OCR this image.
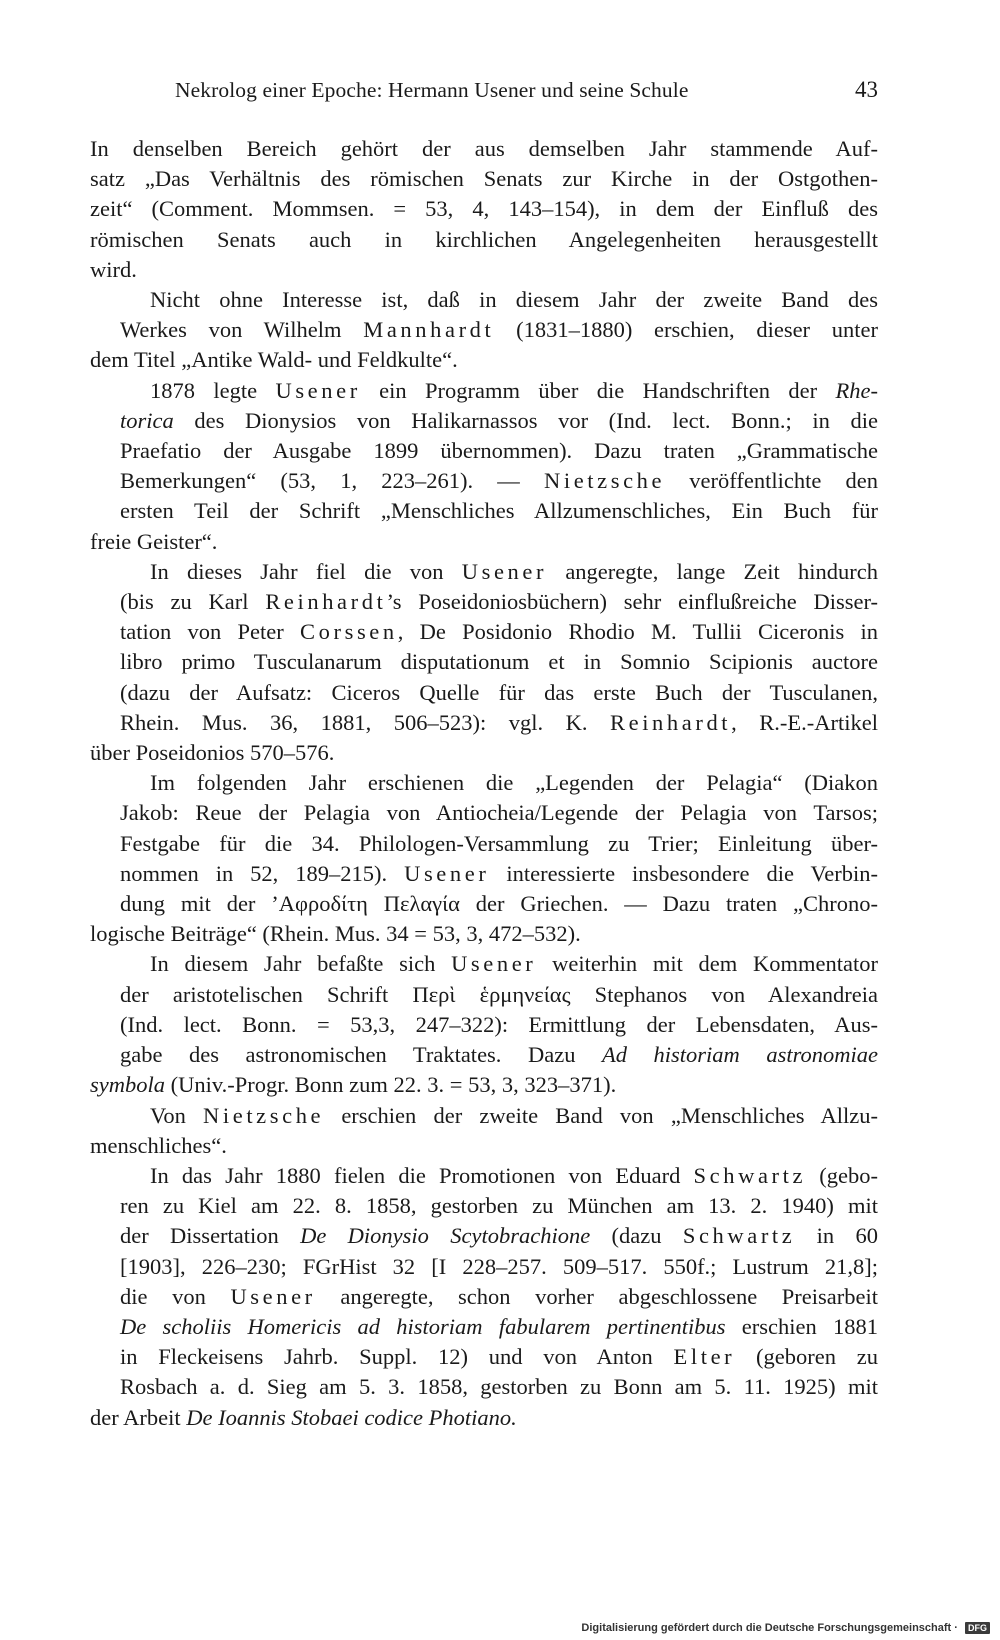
Nekrolog einer Epoche: Hermann Usener und seine Schule	43

In denselben Bereich gehört der aus demselben Jahr stammende Auf-
satz „Das Verhältnis des römischen Senats zur Kirche in der Ostgothen-
zeit“ (Comment. Mommsen. = 53, 4, 143–154), in dem der Einfluß des
römischen Senats auch in kirchlichen Angelegenheiten herausgestellt
wird.

Nicht ohne Interesse ist, daß in diesem Jahr der zweite Band des
Werkes von Wilhelm Mannhardt (1831–1880) erschien, dieser unter
dem Titel „Antike Wald- und Feldkulte“.

1878 legte Usener ein Programm über die Handschriften der Rhe-
torica des Dionysios von Halikarnassos vor (Ind. lect. Bonn.; in die
Praefatio der Ausgabe 1899 übernommen). Dazu traten „Grammatische
Bemerkungen“ (53, 1, 223–261). — Nietzsche veröffentlichte den
ersten Teil der Schrift „Menschliches Allzumenschliches, Ein Buch für
freie Geister“.

In dieses Jahr fiel die von Usener angeregte, lange Zeit hindurch
(bis zu Karl Reinhardt’s Poseidoniosbüchern) sehr einflußreiche Disser-
tation von Peter Corssen, De Posidonio Rhodio M. Tullii Ciceronis in
libro primo Tusculanarum disputationum et in Somnio Scipionis auctore
(dazu der Aufsatz: Ciceros Quelle für das erste Buch der Tusculanen,
Rhein. Mus. 36, 1881, 506–523): vgl. K. Reinhardt, R.-E.-Artikel
über Poseidonios 570–576.

Im folgenden Jahr erschienen die „Legenden der Pelagia“ (Diakon
Jakob: Reue der Pelagia von Antiocheia/Legende der Pelagia von Tarsos;
Festgabe für die 34. Philologen-Versammlung zu Trier; Einleitung über-
nommen in 52, 189–215). Usener interessierte insbesondere die Verbin-
dung mit der ’Αφροδίτη Πελαγία der Griechen. — Dazu traten „Chrono-
logische Beiträge“ (Rhein. Mus. 34 = 53, 3, 472–532).

In diesem Jahr befaßte sich Usener weiterhin mit dem Kommentator
der aristotelischen Schrift Περὶ ἑρμηνείας Stephanos von Alexandreia
(Ind. lect. Bonn. = 53,3, 247–322): Ermittlung der Lebensdaten, Aus-
gabe des astronomischen Traktates. Dazu Ad historiam astronomiae
symbola (Univ.-Progr. Bonn zum 22. 3. = 53, 3, 323–371).

Von Nietzsche erschien der zweite Band von „Menschliches Allzu-
menschliches“.

In das Jahr 1880 fielen die Promotionen von Eduard Schwartz (gebo-
ren zu Kiel am 22. 8. 1858, gestorben zu München am 13. 2. 1940) mit
der Dissertation De Dionysio Scytobrachione (dazu Schwartz in 60
[1903], 226–230; FGrHist 32 [I 228–257. 509–517. 550f.; Lustrum 21,8];
die von Usener angeregte, schon vorher abgeschlossene Preisarbeit
De scholiis Homericis ad historiam fabularem pertinentibus erschien 1881
in Fleckeisens Jahrb. Suppl. 12) und von Anton Elter (geboren zu
Rosbach a. d. Sieg am 5. 3. 1858, gestorben zu Bonn am 5. 11. 1925) mit
der Arbeit De Ioannis Stobaei codice Photiano.

Digitalisierung gefördert durch die Deutsche Forschungsgemeinschaft · DFG
